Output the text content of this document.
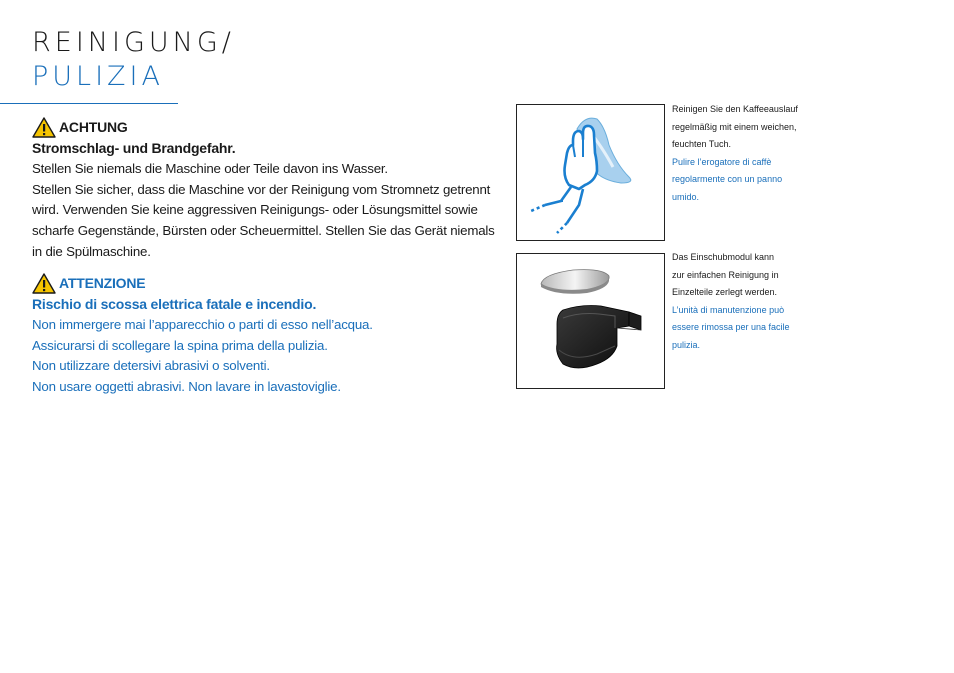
REINIGUNG/
PULIZIA
ACHTUNG
Stromschlag- und Brandgefahr.
Stellen Sie niemals die Maschine oder Teile davon ins Wasser.
Stellen Sie sicher, dass die Maschine vor der Reinigung vom Stromnetz getrennt
wird. Verwenden Sie keine aggressiven Reinigungs- oder Lösungsmittel sowie
scharfe Gegenstände, Bürsten oder Scheuermittel. Stellen Sie das Gerät niemals
in die Spülmaschine.
ATTENZIONE
Rischio di scossa elettrica fatale e incendio.
Non immergere mai l’apparecchio o parti di esso nell’acqua.
Assicurarsi di scollegare la spina prima della pulizia.
Non utilizzare detersivi abrasivi o solventi.
Non usare oggetti abrasivi. Non lavare in lavastoviglie.
Reinigen Sie den Kaffeeauslauf
regelmäßig mit einem weichen,
feuchten Tuch.
Pulire l’erogatore di caffè
regolarmente con un panno
umido.
Das Einschubmodul kann
zur einfachen Reinigung in
Einzelteile zerlegt werden.
L’unità di manutenzione può
essere rimossa per una facile
pulizia.
